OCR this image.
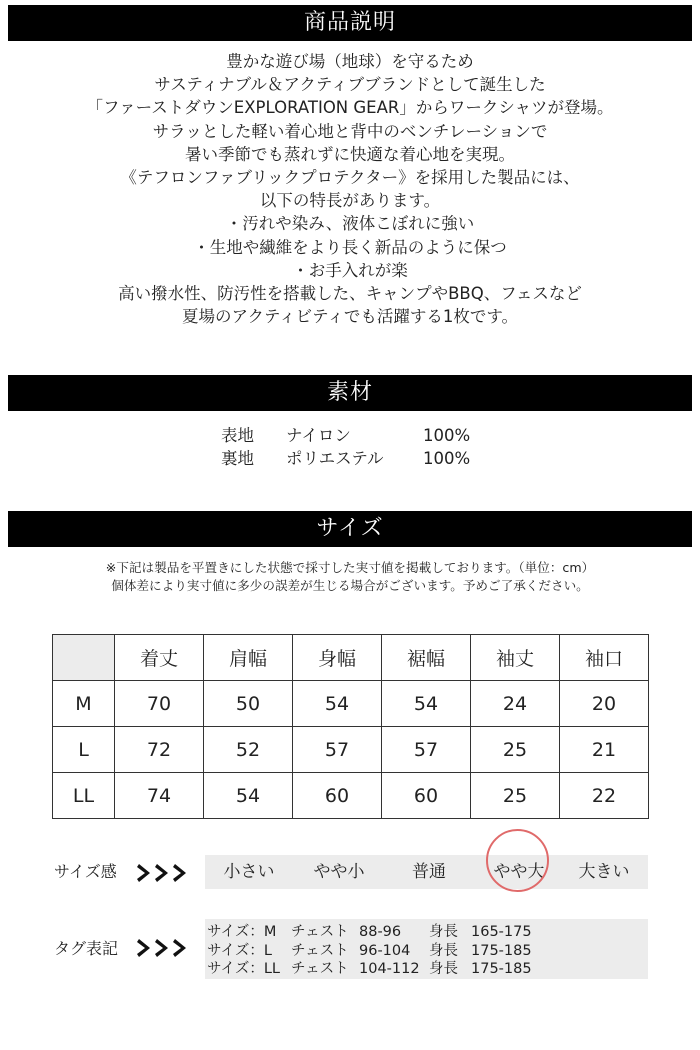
商品説明
豊かな遊び場（地球）を守るため
サスティナブル＆アクティブブランドとして誕生した
「ファーストダウンEXPLORATION GEAR」からワークシャツが登場。
サラッとした軽い着心地と背中のベンチレーションで
暑い季節でも蒸れずに快適な着心地を実現。
《テフロンファブリックプロテクター》を採用した製品には、
以下の特長があります。
・汚れや染み、液体こぼれに強い
・生地や繊維をより長く新品のように保つ
・お手入れが楽
高い撥水性、防汚性を搭載した、キャンプやBBQ、フェスなど
夏場のアクティビティでも活躍する1枚です。
素材
表地 ナイロン	100%
裏地 ポリエステル 100%
サイズ
※下記は製品を平置きにした状態で採寸した実寸値を掲載しております。（単位：cm）
個体差により実寸値に多少の誤差が生じる場合がございます。予めご了承ください。
	着丈	肩幅	身幅	裾幅	袖丈	袖口
M	70	50	54	54	24	20
L	72	52	57	57	25	21
LL	74	54	60	60	25	22
サイズ感	小さい	やや小	普通	やや大	大きい
タグ表記
サイズ：M チェスト 88-96 身長 165-175
サイズ：L チェスト 96-104 身長 175-185
サイズ：LL チェスト 104-112 身長 175-185
